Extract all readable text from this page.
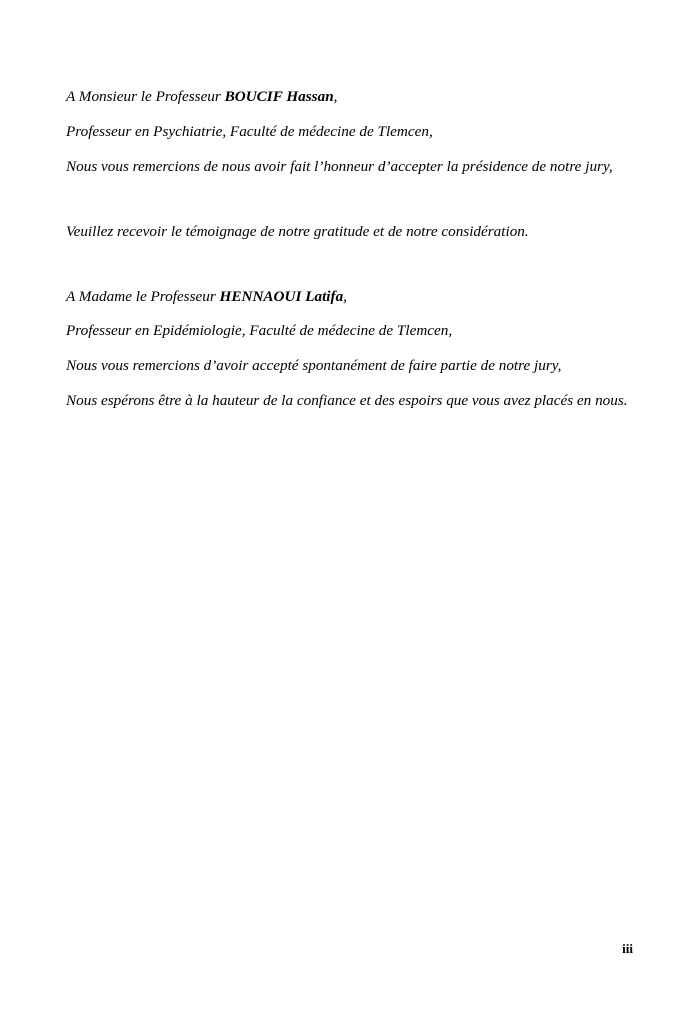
A Monsieur le Professeur BOUCIF Hassan,
Professeur en Psychiatrie, Faculté de médecine de Tlemcen,
Nous vous remercions de nous avoir fait l’honneur d’accepter la présidence de notre jury,
Veuillez recevoir le témoignage de notre gratitude et de notre considération.
A Madame le Professeur HENNAOUI Latifa,
Professeur en Epidémiologie, Faculté de médecine de Tlemcen,
Nous vous remercions d’avoir accepté spontanément de faire partie de notre jury,
Nous espérons être à la hauteur de la confiance et des espoirs que vous avez placés en nous.
iii
